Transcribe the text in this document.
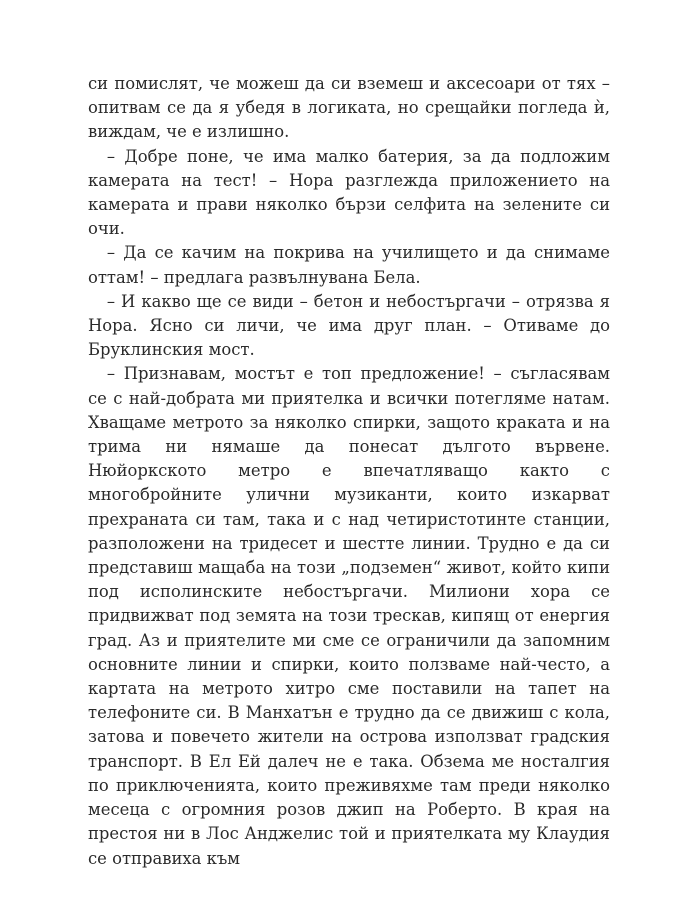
си помислят, че можеш да си вземеш и аксесоари от тях – опитвам се да я убедя в логиката, но срещайки погледа ѝ, виждам, че е излишно.

– Добре поне, че има малко батерия, за да подложим камерата на тест! – Нора разглежда приложението на камерата и прави няколко бързи селфита на зелените си очи.

– Да се качим на покрива на училището и да снимаме оттам! – предлага развълнувана Бела.

– И какво ще се види – бетон и небостъргачи – отрязва я Нора. Ясно си личи, че има друг план. – Отиваме до Бруклинския мост.

– Признавам, мостът е топ предложение! – съгласявам се с най-добрата ми приятелка и всички потегляме натам. Хващаме метрото за няколко спирки, защото краката и на трима ни нямаше да понесат дългото вървене. Нюйоркското метро е впечатляващо както с многобройните улични музиканти, които изкарват прехраната си там, така и с над четиристотинте станции, разположени на тридесет и шестте линии. Трудно е да си представиш мащаба на този „подземен“ живот, който кипи под исполинските небостъргачи. Милиони хора се придвижват под земята на този трескав, кипящ от енергия град. Аз и приятелите ми сме се ограничили да запомним основните линии и спирки, които ползваме най-често, а картата на метрото хитро сме поставили на тапет на телефоните си. В Манхатън е трудно да се движиш с кола, затова и повечето жители на острова използват градския транспорт. В Ел Ей далеч не е така. Обзема ме носталгия по приключенията, които преживяхме там преди няколко месеца с огромния розов джип на Роберто. В края на престоя ни в Лос Анджелис той и приятелката му Клаудия се отправиха към
